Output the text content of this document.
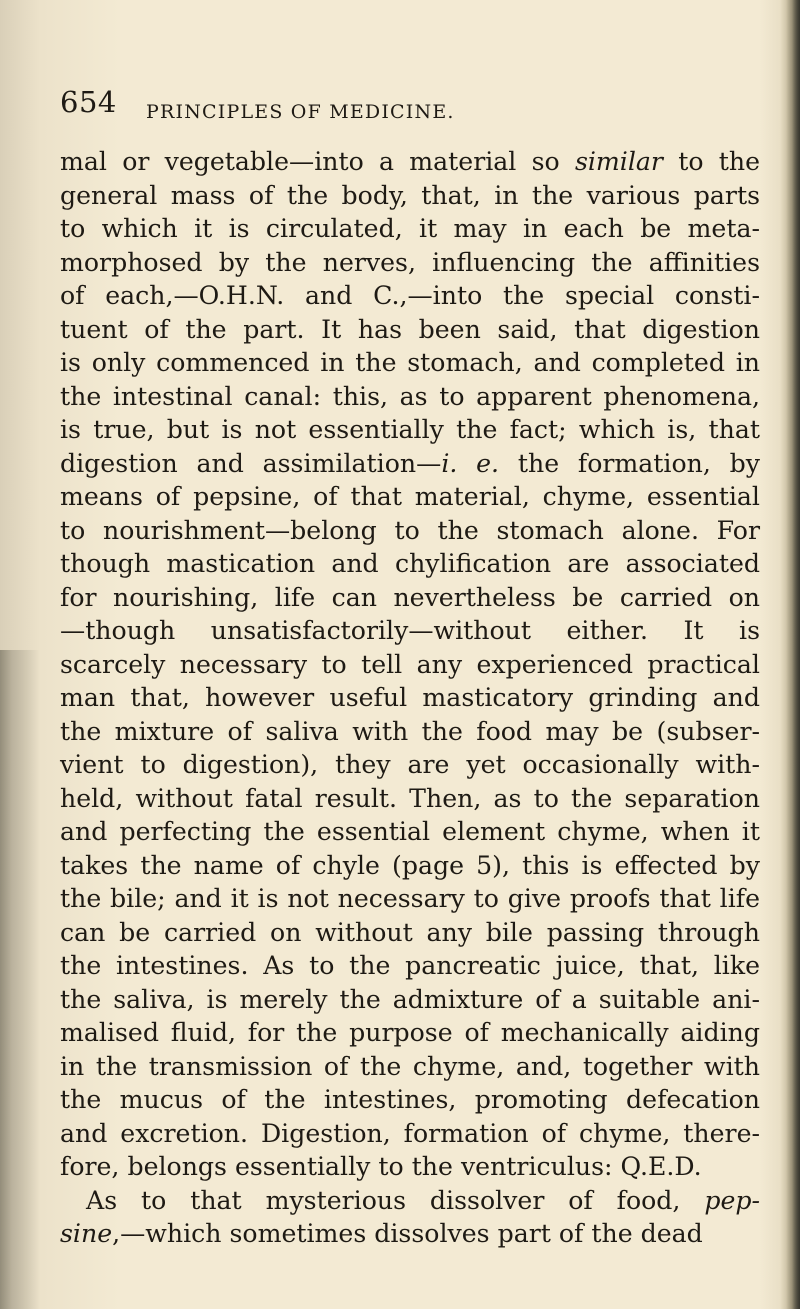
654 PRINCIPLES OF MEDICINE.
mal or vegetable—into a material so similar to the
general mass of the body, that, in the various parts
to which it is circulated, it may in each be meta-
morphosed by the nerves, influencing the affinities
of each,—O.H.N. and C.,—into the special consti-
tuent of the part. It has been said, that digestion
is only commenced in the stomach, and completed in
the intestinal canal: this, as to apparent phenomena,
is true, but is not essentially the fact; which is, that
digestion and assimilation—i. e. the formation, by
means of pepsine, of that material, chyme, essential
to nourishment—belong to the stomach alone. For
though mastication and chylification are associated
for nourishing, life can nevertheless be carried on
—though unsatisfactorily—without either. It is
scarcely necessary to tell any experienced practical
man that, however useful masticatory grinding and
the mixture of saliva with the food may be (subser-
vient to digestion), they are yet occasionally with-
held, without fatal result. Then, as to the separation
and perfecting the essential element chyme, when it
takes the name of chyle (page 5), this is effected by
the bile; and it is not necessary to give proofs that life
can be carried on without any bile passing through
the intestines. As to the pancreatic juice, that, like
the saliva, is merely the admixture of a suitable ani-
malised fluid, for the purpose of mechanically aiding
in the transmission of the chyme, and, together with
the mucus of the intestines, promoting defecation
and excretion. Digestion, formation of chyme, there-
fore, belongs essentially to the ventriculus: Q.E.D.
As to that mysterious dissolver of food, pep-
sine,—which sometimes dissolves part of the dead
